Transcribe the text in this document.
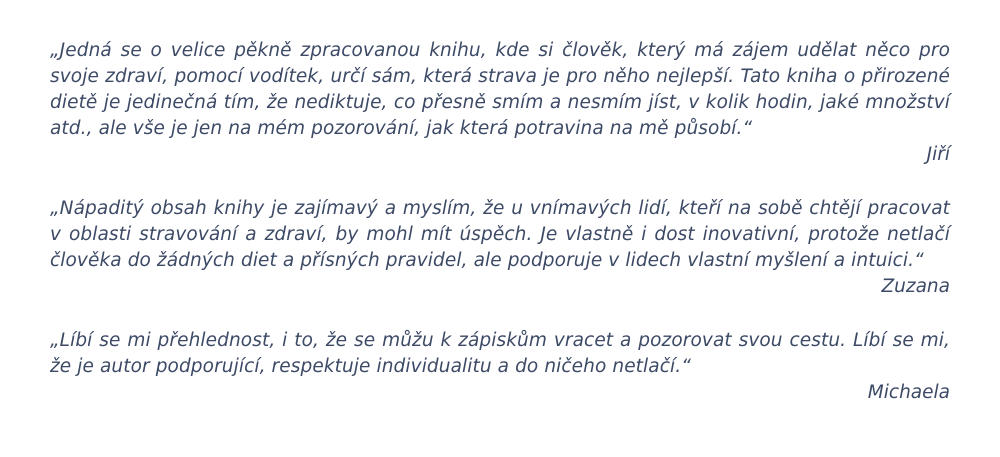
„Jedná se o velice pěkně zpracovanou knihu, kde si člověk, který má zájem udělat něco pro svoje zdraví, pomocí vodítek, určí sám, která strava je pro něho nejlepší. Tato kniha o přirozené dietě je jedinečná tím, že nediktuje, co přesně smím a nesmím jíst, v kolik hodin, jaké množství atd., ale vše je jen na mém pozorování, jak která potravina na mě působí.“

Jiří

„Nápaditý obsah knihy je zajímavý a myslím, že u vnímavých lidí, kteří na sobě chtějí pracovat v oblasti stravování a zdraví, by mohl mít úspěch. Je vlastně i dost inovativní, protože netlačí člověka do žádných diet a přísných pravidel, ale podporuje v lidech vlastní myšlení a intuici.“

Zuzana

„Líbí se mi přehlednost, i to, že se můžu k zápiskům vracet a pozorovat svou cestu. Líbí se mi, že je autor podporující, respektuje individualitu a do ničeho netlačí.“

Michaela
